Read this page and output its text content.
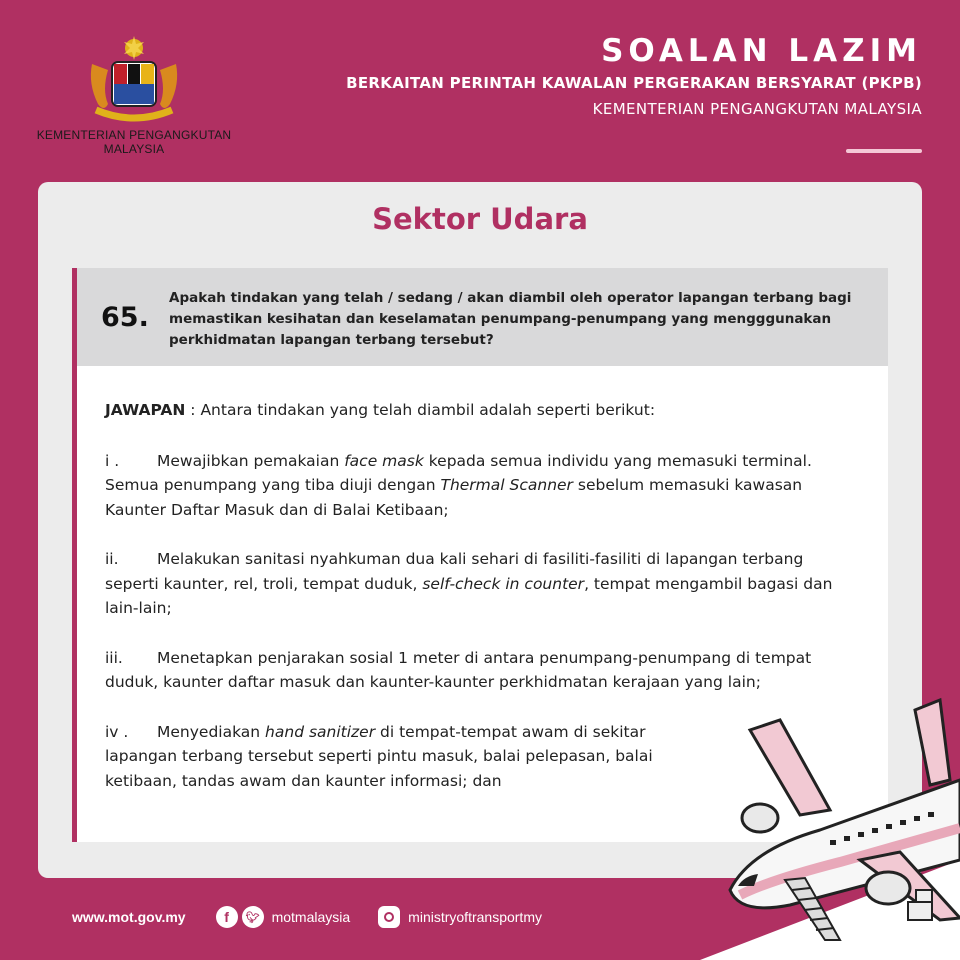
KEMENTERIAN PENGANGKUTAN
MALAYSIA
SOALAN LAZIM
BERKAITAN PERINTAH KAWALAN PERGERAKAN BERSYARAT (PKPB)
KEMENTERIAN PENGANGKUTAN MALAYSIA
Sektor Udara
65.
Apakah tindakan yang telah / sedang / akan diambil oleh operator lapangan terbang bagi memastikan kesihatan dan keselamatan penumpang-penumpang yang mengggunakan perkhidmatan lapangan terbang tersebut?

JAWAPAN : Antara tindakan yang telah diambil adalah seperti berikut:

i . Mewajibkan pemakaian face mask kepada semua individu yang memasuki terminal. Semua penumpang yang tiba diuji dengan Thermal Scanner sebelum memasuki kawasan Kaunter Daftar Masuk dan di Balai Ketibaan;

ii. Melakukan sanitasi nyahkuman dua kali sehari di fasiliti-fasiliti di lapangan terbang seperti kaunter, rel, troli, tempat duduk, self-check in counter, tempat mengambil bagasi dan lain-lain;

iii. Menetapkan penjarakan sosial 1 meter di antara penumpang-penumpang di tempat duduk, kaunter daftar masuk dan kaunter-kaunter perkhidmatan kerajaan yang lain;

iv . Menyediakan hand sanitizer di tempat-tempat awam di sekitar lapangan terbang tersebut seperti pintu masuk, balai pelepasan, balai ketibaan, tandas awam dan kaunter informasi; dan

www.mot.gov.my	f	🐦︎ motmalaysia	ministryoftransportmy
